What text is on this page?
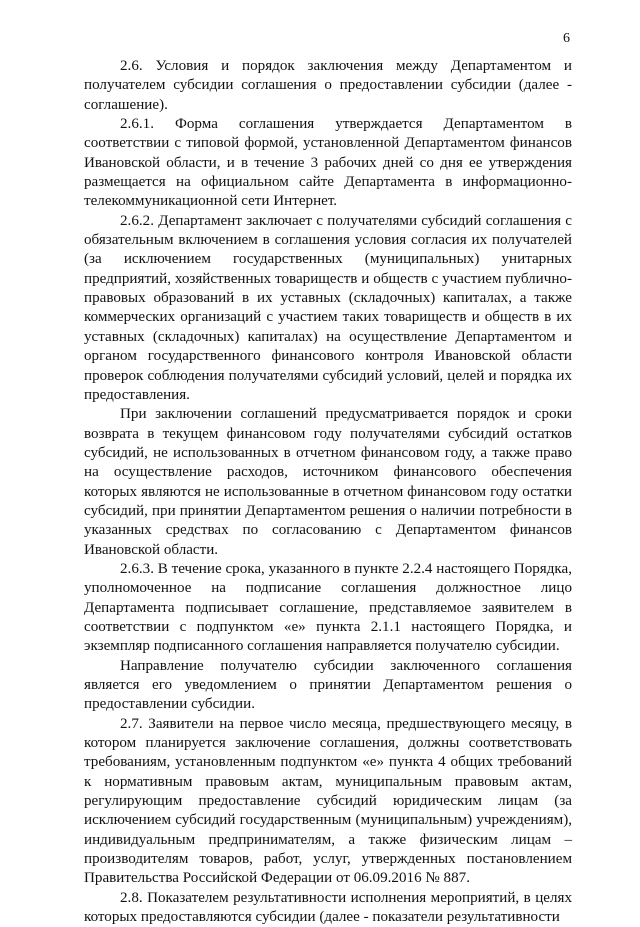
6

2.6. Условия и порядок заключения между Департаментом и получателем субсидии соглашения о предоставлении субсидии (далее - соглашение).

2.6.1. Форма соглашения утверждается Департаментом в соответствии с типовой формой, установленной Департаментом финансов Ивановской области, и в течение 3 рабочих дней со дня ее утверждения размещается на официальном сайте Департамента в информационно-телекоммуникационной сети Интернет.

2.6.2. Департамент заключает с получателями субсидий соглашения с обязательным включением в соглашения условия согласия их получателей (за исключением государственных (муниципальных) унитарных предприятий, хозяйственных товариществ и обществ с участием публично-правовых образований в их уставных (складочных) капиталах, а также коммерческих организаций с участием таких товариществ и обществ в их уставных (складочных) капиталах) на осуществление Департаментом и органом государственного финансового контроля Ивановской области проверок соблюдения получателями субсидий условий, целей и порядка их предоставления.

При заключении соглашений предусматривается порядок и сроки возврата в текущем финансовом году получателями субсидий остатков субсидий, не использованных в отчетном финансовом году, а также право на осуществление расходов, источником финансового обеспечения которых являются не использованные в отчетном финансовом году остатки субсидий, при принятии Департаментом решения о наличии потребности в указанных средствах по согласованию с Департаментом финансов Ивановской области.

2.6.3. В течение срока, указанного в пункте 2.2.4 настоящего Порядка, уполномоченное на подписание соглашения должностное лицо Департамента подписывает соглашение, представляемое заявителем в соответствии с подпунктом «е» пункта 2.1.1 настоящего Порядка, и экземпляр подписанного соглашения направляется получателю субсидии.

Направление получателю субсидии заключенного соглашения является его уведомлением о принятии Департаментом решения о предоставлении субсидии.

2.7. Заявители на первое число месяца, предшествующего месяцу, в котором планируется заключение соглашения, должны соответствовать требованиям, установленным подпунктом «е» пункта 4 общих требований к нормативным правовым актам, муниципальным правовым актам, регулирующим предоставление субсидий юридическим лицам (за исключением субсидий государственным (муниципальным) учреждениям), индивидуальным предпринимателям, а также физическим лицам – производителям товаров, работ, услуг, утвержденных постановлением Правительства Российской Федерации от 06.09.2016 № 887.

2.8. Показателем результативности исполнения мероприятий, в целях которых предоставляются субсидии (далее - показатели результативности
